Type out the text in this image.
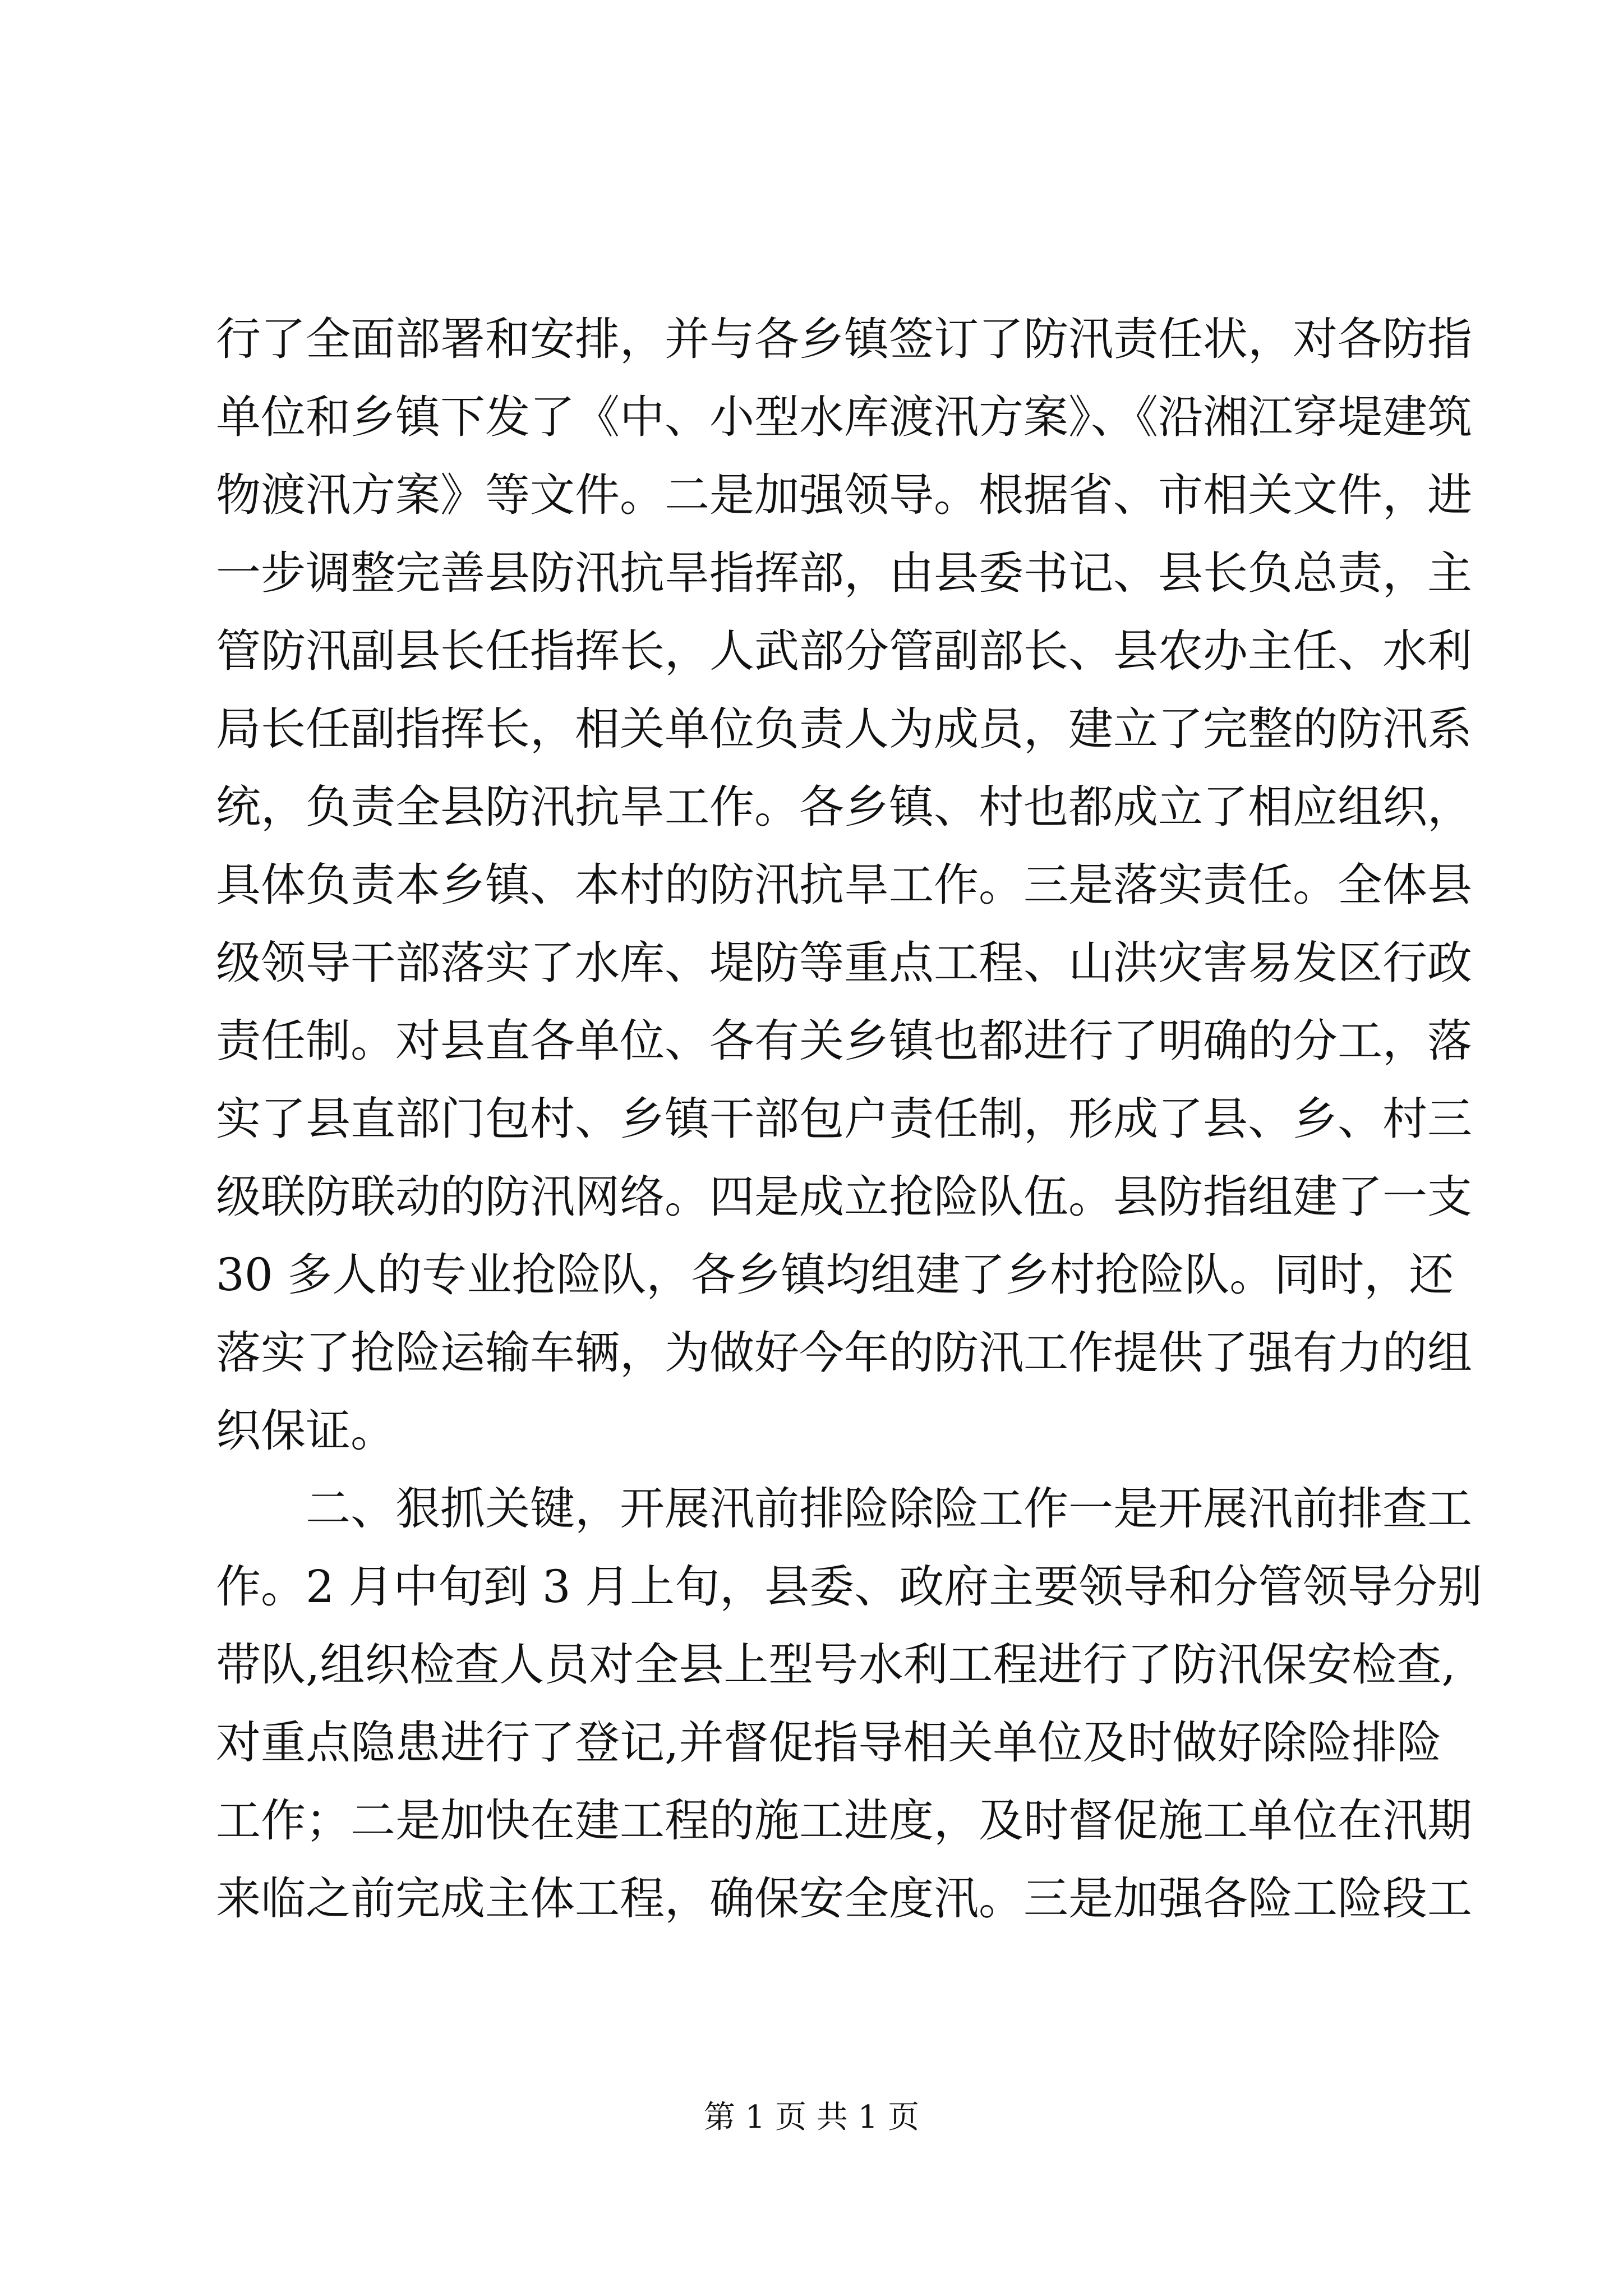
行了全面部署和安排，并与各乡镇签订了防汛责任状，对各防指
单位和乡镇下发了《中、小型水库渡汛方案》、《沿湘江穿堤建筑
物渡汛方案》等文件。二是加强领导。根据省、市相关文件，进
一步调整完善县防汛抗旱指挥部，由县委书记、县长负总责，主
管防汛副县长任指挥长，人武部分管副部长、县农办主任、水利
局长任副指挥长，相关单位负责人为成员，建立了完整的防汛系
统，负责全县防汛抗旱工作。各乡镇、村也都成立了相应组织，
具体负责本乡镇、本村的防汛抗旱工作。三是落实责任。全体县
级领导干部落实了水库、堤防等重点工程、山洪灾害易发区行政
责任制。对县直各单位、各有关乡镇也都进行了明确的分工，落
实了县直部门包村、乡镇干部包户责任制，形成了县、乡、村三
级联防联动的防汛网络。四是成立抢险队伍。县防指组建了一支
30 多人的专业抢险队，各乡镇均组建了乡村抢险队。同时，还
落实了抢险运输车辆，为做好今年的防汛工作提供了强有力的组
织保证。
二、狠抓关键，开展汛前排险除险工作一是开展汛前排查工
作。2 月中旬到 3 月上旬，县委、政府主要领导和分管领导分别
带队,组织检查人员对全县上型号水利工程进行了防汛保安检查,
对重点隐患进行了登记,并督促指导相关单位及时做好除险排险
工作；二是加快在建工程的施工进度，及时督促施工单位在汛期
来临之前完成主体工程，确保安全度汛。三是加强各险工险段工
第 1 页 共 1 页
